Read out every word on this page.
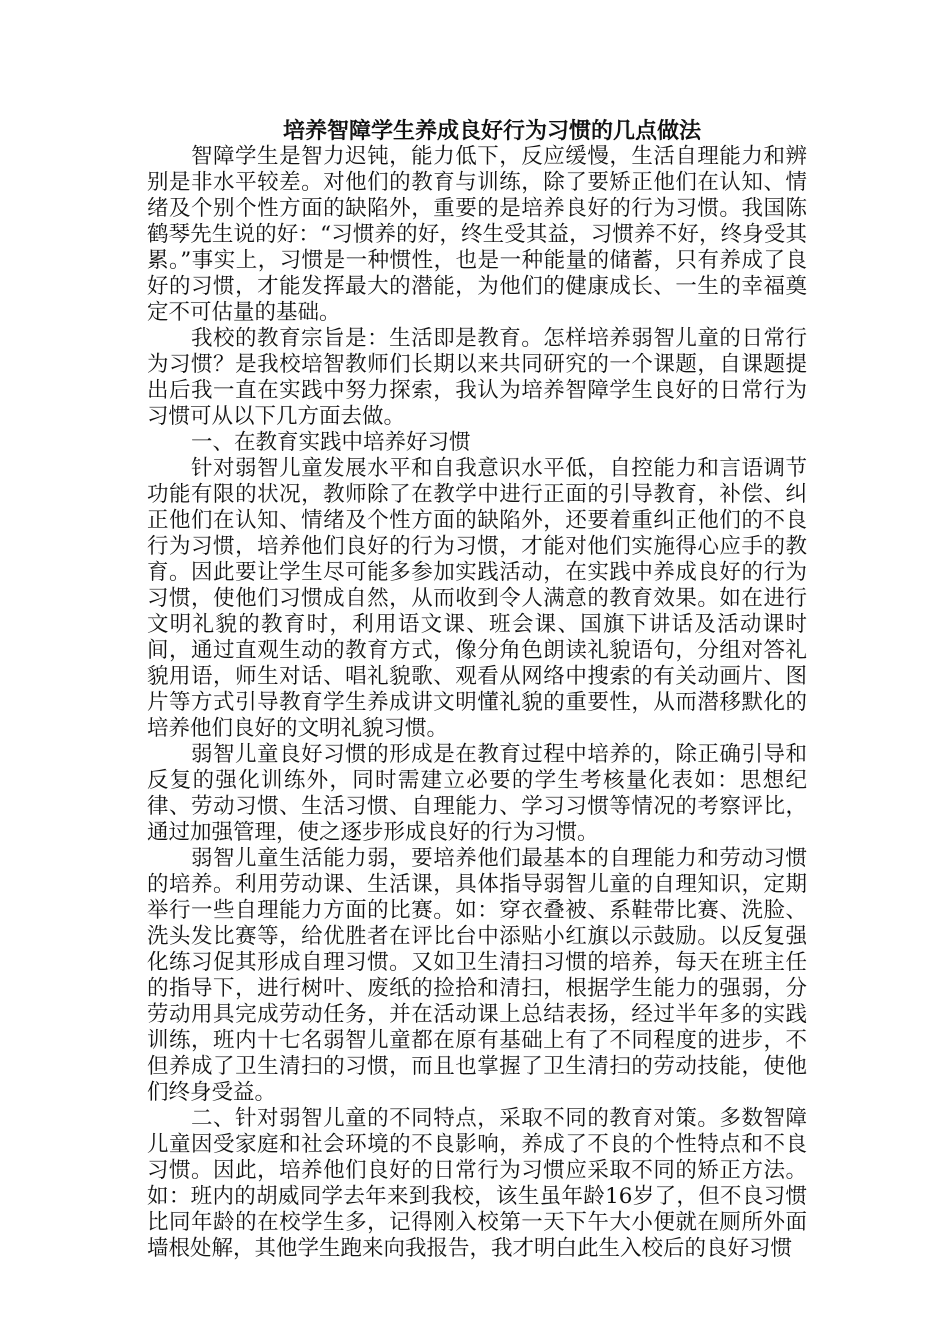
培养智障学生养成良好行为习惯的几点做法

智障学生是智力迟钝，能力低下，反应缓慢，生活自理能力和辨别是非水平较差。对他们的教育与训练，除了要矫正他们在认知、情绪及个别个性方面的缺陷外，重要的是培养良好的行为习惯。我国陈鹤琴先生说的好：“习惯养的好，终生受其益，习惯养不好，终身受其累。”事实上，习惯是一种惯性，也是一种能量的储蓄，只有养成了良好的习惯，才能发挥最大的潜能，为他们的健康成长、一生的幸福奠定不可估量的基础。

我校的教育宗旨是：生活即是教育。怎样培养弱智儿童的日常行为习惯？是我校培智教师们长期以来共同研究的一个课题，自课题提出后我一直在实践中努力探索，我认为培养智障学生良好的日常行为习惯可从以下几方面去做。

一、在教育实践中培养好习惯

针对弱智儿童发展水平和自我意识水平低，自控能力和言语调节功能有限的状况，教师除了在教学中进行正面的引导教育，补偿、纠正他们在认知、情绪及个性方面的缺陷外，还要着重纠正他们的不良行为习惯，培养他们良好的行为习惯，才能对他们实施得心应手的教育。因此要让学生尽可能多参加实践活动，在实践中养成良好的行为习惯，使他们习惯成自然，从而收到令人满意的教育效果。如在进行文明礼貌的教育时，利用语文课、班会课、国旗下讲话及活动课时间，通过直观生动的教育方式，像分角色朗读礼貌语句，分组对答礼貌用语，师生对话、唱礼貌歌、观看从网络中搜索的有关动画片、图片等方式引导教育学生养成讲文明懂礼貌的重要性，从而潜移默化的培养他们良好的文明礼貌习惯。

弱智儿童良好习惯的形成是在教育过程中培养的，除正确引导和反复的强化训练外，同时需建立必要的学生考核量化表如：思想纪律、劳动习惯、生活习惯、自理能力、学习习惯等情况的考察评比，通过加强管理，使之逐步形成良好的行为习惯。

弱智儿童生活能力弱，要培养他们最基本的自理能力和劳动习惯的培养。利用劳动课、生活课，具体指导弱智儿童的自理知识，定期举行一些自理能力方面的比赛。如：穿衣叠被、系鞋带比赛、洗脸、洗头发比赛等，给优胜者在评比台中添贴小红旗以示鼓励。以反复强化练习促其形成自理习惯。又如卫生清扫习惯的培养，每天在班主任的指导下，进行树叶、废纸的捡拾和清扫，根据学生能力的强弱，分劳动用具完成劳动任务，并在活动课上总结表扬，经过半年多的实践训练，班内十七名弱智儿童都在原有基础上有了不同程度的进步，不但养成了卫生清扫的习惯，而且也掌握了卫生清扫的劳动技能，使他们终身受益。

二、针对弱智儿童的不同特点，采取不同的教育对策。多数智障儿童因受家庭和社会环境的不良影响，养成了不良的个性特点和不良习惯。因此，培养他们良好的日常行为习惯应采取不同的矫正方法。如：班内的胡威同学去年来到我校，该生虽年龄16岁了，但不良习惯比同年龄的在校学生多，记得刚入校第一天下午大小便就在厕所外面墙根处解，其他学生跑来向我报告，我才明白此生入校后的良好习惯
